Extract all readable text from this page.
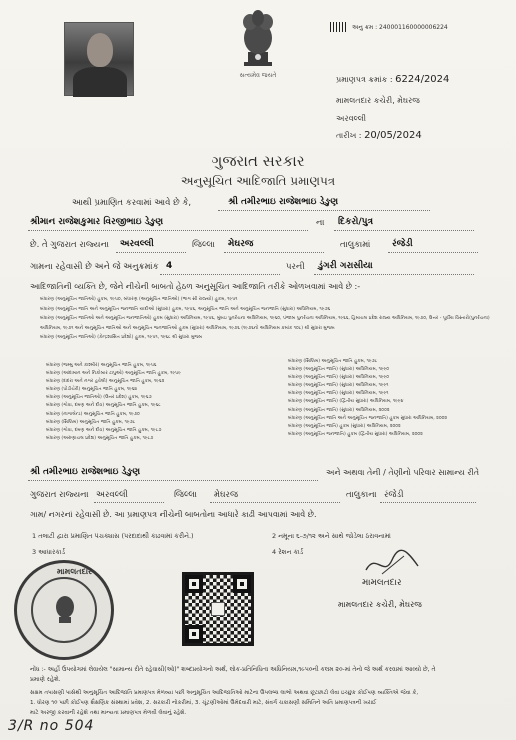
સત્યમેવ જયતે
અનુ ક્રમ : 240001160000006224
પ્રમાણપત્ર ક્રમાંક : 6224/2024
મામલતદાર કચેરી, મેઘરજ
અરવલ્લી
તારીખ : 20/05/2024
ગુજરાત સરકાર
અનુસૂચિત આદિજાતિ પ્રમાણપત્ર
આથી પ્રમાણિત કરવામાં આવે છે કે,	શ્રી તમીરભાઇ રાજેશભાઇ ડેઙુણ
શ્રીમાન રાજેશકુમાર વિરજીભાઇ ડેઙુણ	ના દિકરો/પુત્ર
છે. તે ગુજરાત રાજ્યના અરવલ્લી	જિલ્લા મેઘરજ	તાલુકામાં રંજેડી
ગામના રહેવાસી છે અને જે અનુક્રમાંક 4	પરની ડુંગરી ગરાસીયા
આદિજાતિની વ્યક્તિ છે, જેને નીચેની બાબતો હેઠળ અનુસૂચિત આદિજાતિ તરીકે ઓળખવામાં આવે છે :-
બંધારણ (અનુસૂચિત જાતિઓ) હુકમ, ૧૯૫૦, બંધારણ (અનુસૂચિત જાતિઓ) (ભાગ સી રાજ્યો) હુકમ, ૧૯૫૧
બંધારણ (અનુસૂચિત જાતિ અને અનુસૂચિત જનજાતિ યાદીઓ (સુધારા) હુકમ, ૧૯૫૬, અનુસૂચિત જાતિ અને અનુસૂચિત જનજાતિ (સુધારા) અધિનિયમ, ૧૯૭૬
બંધારણ (અનુસૂચિત જાતિઓ અને અનુસૂચિત જનજાતિઓ) હુકમ (સુધારા) અધિનિયમ, ૧૯૫૬, મુંબઇ પુનર્રચના અધિનિયમ, ૧૯૬૦, પંજાબ પુનર્રચના અધિનિયમ, ૧૯૬૬, હિમાચલ પ્રદેશ રાજ્ય અધિનિયમ, ૧૯૭૦, ઉત્તર - પૂર્વીય વિસ્તારો(પુનર્રચના)
અધિનિયમ, ૧૯૭૧ અને અનુસૂચિત જાતિઓ અને અનુસૂચિત જનજાતિઓ હુકમ (સુધારા) અધિનિયમ, ૧૯૭૬ (૧૯૭૬નો અધિનિયમ ક્રમાંક ૧૦૮) થી સુધારા મુજબ
બંધારણ (અનુસૂચિત જાતિઓ) (કેન્દ્રશાસિત પ્રદેશો) હુકમ, ૧૯૫૧, ૧૯૬૮ થી સુધારા મુજબ
બંધારણ (જમ્મુ અને કાશ્મીર) અનુસૂચિત જાતિ હુકમ, ૧૯૫૬
બંધારણ (આંદામાન અને નિકોબાર ટાપુઓ) અનુસૂચિત જાતિ હુકમ, ૧૯૫૯
બંધારણ (દાદરા અને નગર હવેલી) અનુસૂચિત જાતિ હુકમ, ૧૯૬૨
બંધારણ (પોંડીચેરી) અનુસૂચિત જાતિ હુકમ, ૧૯૬૪
બંધારણ (અનુસૂચિત જાતિઓ) (ઉત્તર પ્રદેશ) હુકમ, ૧૯૬૭
બંધારણ (ગોવા, દમણ અને દીવ) અનુસૂચિત જાતિ હુકમ, ૧૯૬૮
બંધારણ (નાગાલેન્ડ) અનુસૂચિત જાતિ હુકમ, ૧૯૭૦
બંધારણ (સિક્કિમ) અનુસૂચિત જાતિ હુકમ, ૧૯૭૮
બંધારણ (ગોવા, દમણ અને દીવ) અનુસૂચિત જાતિ હુકમ, ૧૯૮૭
બંધારણ (અરુણાચલ પ્રદેશ) અનુસૂચિત જાતિ હુકમ, ૧૯૮૭
બંધારણ (સિક્કિમ) અનુસૂચિત જાતિ હુકમ, ૧૯૭૮
બંધારણ (અનુસૂચિત જાતિ) (સુધારા) અધિનિયમ, ૧૯૯૦
બંધારણ (અનુસૂચિત જાતિ) (સુધારા) અધિનિયમ, ૧૯૯૦
બંધારણ (અનુસૂચિત જાતિ) (સુધારા) અધિનિયમ, ૧૯૯૧
બંધારણ (અનુસૂચિત જાતિ) (સુધારા) અધિનિયમ, ૧૯૯૧
બંધારણ (અનુસૂચિત જાતિ) (દ્વિતીય સુધારા) અધિનિયમ, ૧૯૯૪
બંધારણ (અનુસૂચિત જાતિ) (સુધારા) અધિનિયમ, ૨૦૦૨
બંધારણ (અનુસૂચિત જાતિ અને અનુસૂચિત જનજાતિ) હુકમ સુધારા અધિનિયમ, ૨૦૦૨
બંધારણ (અનુસૂચિત જાતિ) હુકમ (સુધારા) અધિનિયમ, ૨૦૦૨
બંધારણ (અનુસૂચિત જનજાતિ) હુકમ (દ્વિતીય સુધારા) અધિનિયમ, ૨૦૦૨
શ્રી તમીરભાઇ રાજેશભાઇ ડેઙુણ	અને અથવા તેની / તેણીનો પરિવાર સામાન્ય રીતે
ગુજરાત રાજ્યના અરવલ્લી	જિલ્લા મેઘરજ	તાલુકાના રંજેડી
ગામ/ નગરનાં રહેવાસી છે. આ પ્રમાણપત્ર નીચેની બાબતોના આધારે કાઢી આપવામાં આવે છે.
1 તલાટી દ્વારા પ્રમાણિત પંચક્યાસ (પરદાદાથી કાઢવામાં કરીને.)	2 નમૂના ૬-૭/૧૨ અને સાથે જોડેલા ઠરાવનામાં
3 આધારકાર્ડ	4 રેશન કાર્ડ
મામલતદાર
મામલતદાર
મામલતદાર કચેરી, મેઘરજ
નોંધ :- અહીં ઉપયોગમાં લેવાયેલ "સામાન્ય રીતે રહેવાસી(ઓ)" શબ્દપ્રયોગનો અર્થ, લોક-પ્રતિનિધિત્વ અધિનિયમ,૧૯૫૦ની કલમ ૨૦-માં તેનો જે અર્થ કરવામાં આવ્યો છે, તે
પ્રમાણે રહેશે.
સક્ષમ તપાસણી પાસેથી અનુસૂચિત આદિજાતિ પ્રમાણપત્ર મેળવ્યા પછી અનુસૂચિત આદિજાતિઓ માટેના ઉપલબ્ધ લાભો અથવા છૂટછાટો લેવા ઇચ્છુક કોઈપણ વ્યક્તિએ જેવા કે,
1. ધોરણ ૧૦ પછી કોઈપણ શૈક્ષણિક સંસ્થામાં પ્રવેશ, 2. સરકારી નોકરીમાં, 3. ચૂંટણીઓમાં ઉમેદવારી માટે, સંવર્ગ ચકાસણી સમિતિને અતિ પ્રમાણપત્રની ખરાઈ
માટે અરજી કરવાની રહેશે તથા માન્યતા પ્રમાણપત્ર મેળવી લેવાનું રહેશે.
3/R no 504
